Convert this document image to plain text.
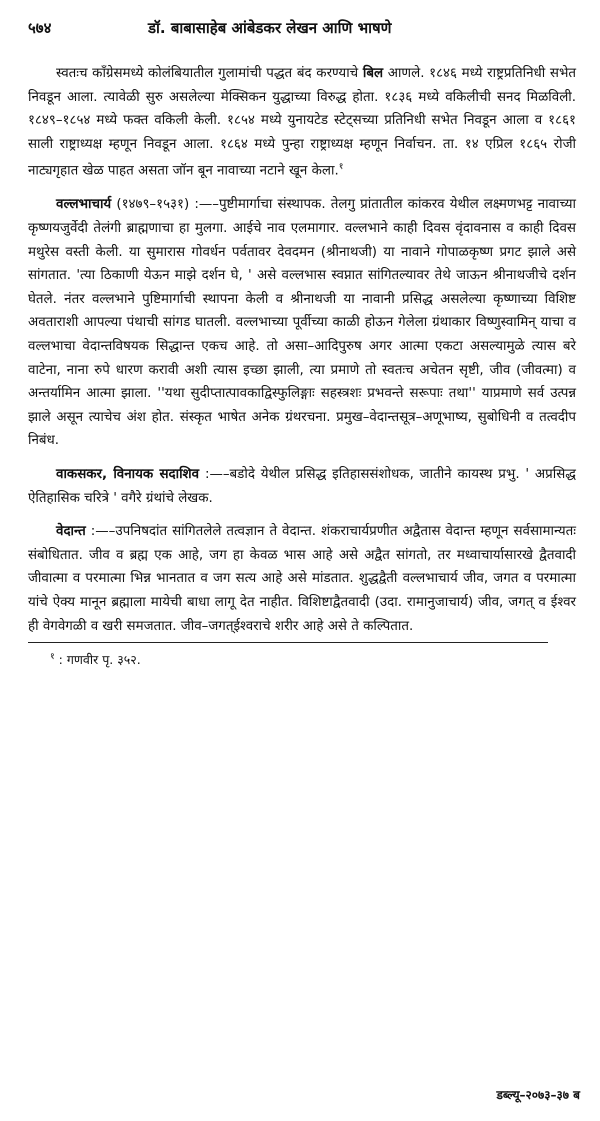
५७४	डॉ. बाबासाहेब आंबेडकर लेखन आणि भाषणे

स्वतःच काँग्रेसमध्ये कोलंबियातील गुलामांची पद्धत बंद करण्याचे बिल आणले. १८४६ मध्ये राष्ट्रप्रतिनिधी सभेत निवडून आला. त्यावेळी सुरु असलेल्या मेक्सिकन युद्धाच्या विरुद्ध होता. १८३६ मध्ये वकिलीची सनद मिळविली. १८४९–१८५४ मध्ये फक्त वकिली केली. १८५४ मध्ये युनायटेड स्टेट्सच्या प्रतिनिधी सभेत निवडून आला व १८६१ साली राष्ट्राध्यक्ष म्हणून निवडून आला. १८६४ मध्ये पुन्हा राष्ट्राध्यक्ष म्हणून निर्वाचन. ता. १४ एप्रिल १८६५ रोजी नाट्यगृहात खेळ पाहत असता जॉन बून नावाच्या नटाने खून केला.$^१$

वल्लभाचार्य (१४७९–१५३१) :—–पुष्टीमार्गाचा संस्थापक. तेलगु प्रांतातील कांकरव येथील लक्ष्मणभट्ट नावाच्या कृष्णयजुर्वेदी तेलंगी ब्राह्मणाचा हा मुलगा. आईचे नाव एलमागार. वल्लभाने काही दिवस वृंदावनास व काही दिवस मथुरेस वस्ती केली. या सुमारास गोवर्धन पर्वतावर देवदमन (श्रीनाथजी) या नावाने गोपाळकृष्ण प्रगट झाले असे सांगतात. 'त्या ठिकाणी येऊन माझे दर्शन घे, ' असे वल्लभास स्वप्नात सांगितल्यावर तेथे जाऊन श्रीनाथजीचे दर्शन घेतले. नंतर वल्लभाने पुष्टिमार्गाची स्थापना केली व श्रीनाथजी या नावानी प्रसिद्ध असलेल्या कृष्णाच्या विशिष्ट अवताराशी आपल्या पंथाची सांगड घातली. वल्लभाच्या पूर्वीच्या काळी होऊन गेलेला ग्रंथाकार विष्णुस्वामिन् याचा व वल्लभाचा वेदान्तविषयक सिद्धान्त एकच आहे. तो असा–आदिपुरुष अगर आत्मा एकटा असल्यामुळे त्यास बरे वाटेना, नाना रुपे धारण करावी अशी त्यास इच्छा झाली, त्या प्रमाणे तो स्वतःच अचेतन सृष्टी, जीव (जीवत्मा) व अन्तर्यामिन आत्मा झाला. ''यथा सुदीप्तात्पावकाद्विस्फुलिङ्गाः सहस्त्रशः प्रभवन्ते सरूपाः तथा'' याप्रमाणे सर्व उत्पन्न झाले असून त्याचेच अंश होत. संस्कृत भाषेत अनेक ग्रंथरचना. प्रमुख–वेदान्तसूत्र–अणूभाष्य, सुबोधिनी व तत्वदीप निबंध.

वाकसकर, विनायक सदाशिव :—–बडोदे येथील प्रसिद्ध इतिहाससंशोधक, जातीने कायस्थ प्रभु. ' अप्रसिद्ध ऐतिहासिक चरित्रे ' वगैरे ग्रंथांचे लेखक.

वेदान्त :—–उपनिषदांत सांगितलेले तत्वज्ञान ते वेदान्त. शंकराचार्यप्रणीत अद्वैतास वेदान्त म्हणून सर्वसामान्यतः संबोधितात. जीव व ब्रह्म एक आहे, जग हा केवळ भास आहे असे अद्वैत सांगतो, तर मध्वाचार्यासारखे द्वैतवादी जीवात्मा व परमात्मा भिन्न भानतात व जग सत्य आहे असे मांडतात. शुद्धद्वैती वल्लभाचार्य जीव, जगत व परमात्मा यांचे ऐक्य मानून ब्रह्माला मायेची बाधा लागू देत नाहीत. विशिष्टाद्वैतवादी (उदा. रामानुजाचार्य) जीव, जगत् व ईश्वर ही वेगवेगळी व खरी समजतात. जीव–जगत्ईश्वराचे शरीर आहे असे ते कल्पितात.

$^१$ : गणवीर पृ. ३५२.
डब्ल्यू–२०७३–३७ ब
